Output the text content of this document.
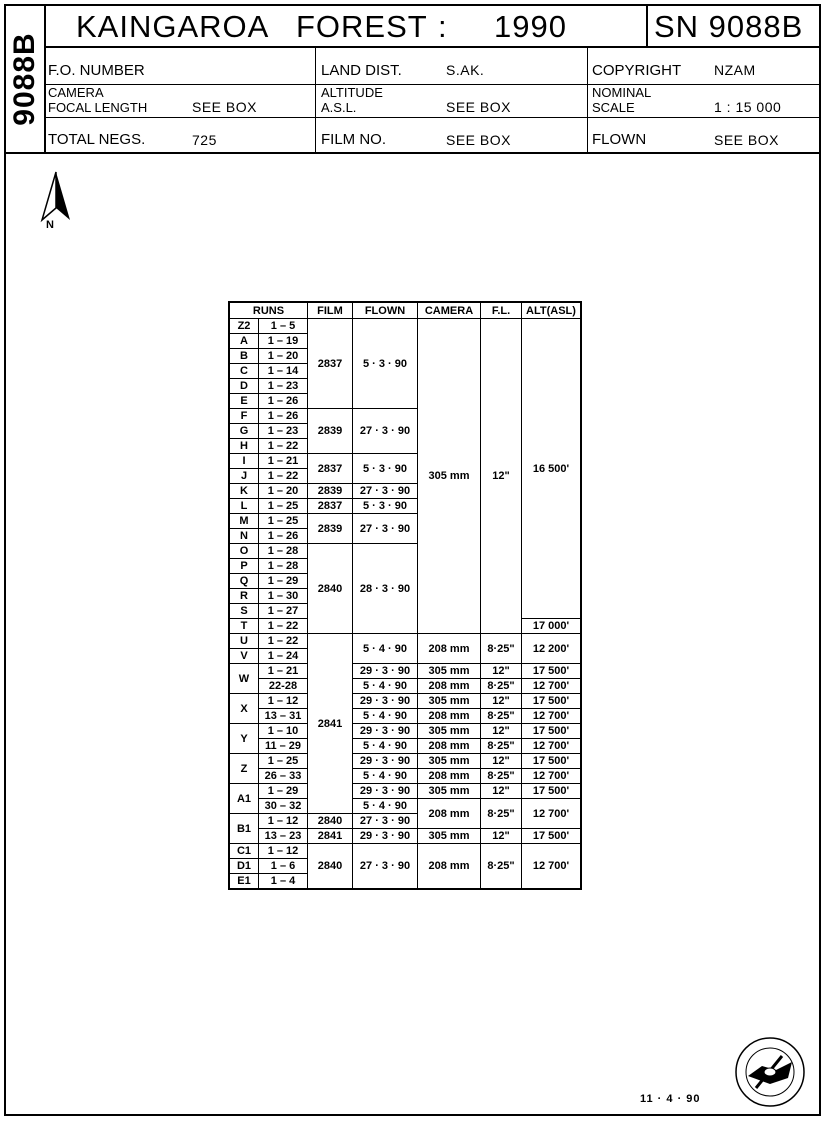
9088B
KAINGAROA FOREST : 1990	SN 9088B
F.O. NUMBER	LAND DIST.	S.AK.	COPYRIGHT NZAM
CAMERA
FOCAL LENGTH	SEE BOX
ALTITUDE
A.S.L.	SEE BOX
NOMINAL
SCALE	1 : 15 000
TOTAL NEGS.	725	FILM NO.	SEE BOX	FLOWN	SEE BOX
N
RUNS		FILM	FLOWN	CAMERA	F.L.	ALT(ASL)
Z2	1 – 5	2837	5 · 3 · 90	305 mm	12"	16 500'
A	1 – 19					
B	1 – 20					
C	1 – 14					
D	1 – 23					
E	1 – 26					
F	1 – 26	2839	27 · 3 · 90			
G	1 – 23					
H	1 – 22					
I	1 – 21	2837	5 · 3 · 90			
J	1 – 22					
K	1 – 20	2839	27 · 3 · 90			
L	1 – 25	2837	5 · 3 · 90			
M	1 – 25	2839	27 · 3 · 90			
N	1 – 26					
O	1 – 28	2840	28 · 3 · 90			
P	1 – 28					
Q	1 – 29					
R	1 – 30					
S	1 – 27					
T	1 – 22					17 000'
U	1 – 22	2841	5 · 4 · 90	208 mm	8·25"	12 200'
V	1 – 24					
W	1 – 21		29 · 3 · 90	305 mm	12"	17 500'
	22-28		5 · 4 · 90	208 mm	8·25"	12 700'
X	1 – 12		29 · 3 · 90	305 mm	12"	17 500'
	13 – 31		5 · 4 · 90	208 mm	8·25"	12 700'
Y	1 – 10		29 · 3 · 90	305 mm	12"	17 500'
	11 – 29		5 · 4 · 90	208 mm	8·25"	12 700'
Z	1 – 25		29 · 3 · 90	305 mm	12"	17 500'
	26 – 33		5 · 4 · 90	208 mm	8·25"	12 700'
A1	1 – 29		29 · 3 · 90	305 mm	12"	17 500'
	30 – 32		5 · 4 · 90	208 mm	8·25"	12 700'
B1	1 – 12	2840	27 · 3 · 90			
	13 – 23	2841	29 · 3 · 90	305 mm	12"	17 500'
C1	1 – 12	2840	27 · 3 · 90	208 mm	8·25"	12 700'
D1	1 – 6					
E1	1 – 4					
11 · 4 · 90
